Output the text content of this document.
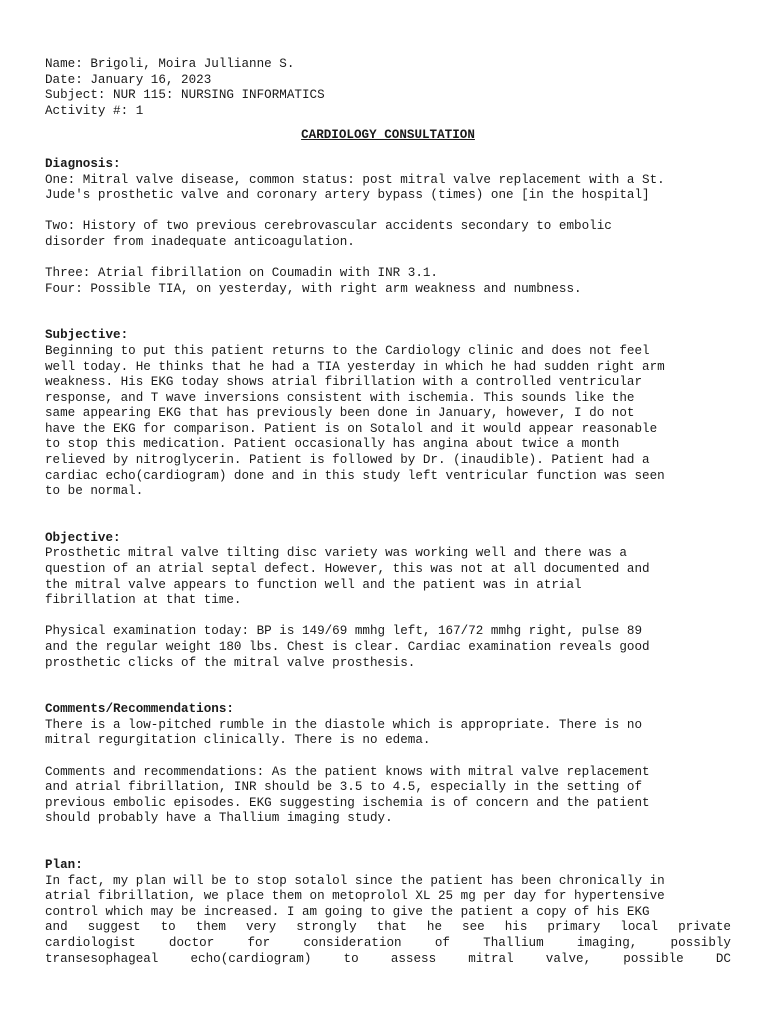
Name: Brigoli, Moira Jullianne S.
Date: January 16, 2023
Subject: NUR 115: NURSING INFORMATICS
Activity #: 1
CARDIOLOGY CONSULTATION
Diagnosis:
One: Mitral valve disease, common status: post mitral valve replacement with a St.
Jude's prosthetic valve and coronary artery bypass (times) one [in the hospital]
Two: History of two previous cerebrovascular accidents secondary to embolic
disorder from inadequate anticoagulation.
Three: Atrial fibrillation on Coumadin with INR 3.1.
Four: Possible TIA, on yesterday, with right arm weakness and numbness.
Subjective:
Beginning to put this patient returns to the Cardiology clinic and does not feel
well today. He thinks that he had a TIA yesterday in which he had sudden right arm
weakness. His EKG today shows atrial fibrillation with a controlled ventricular
response, and T wave inversions consistent with ischemia. This sounds like the
same appearing EKG that has previously been done in January, however, I do not
have the EKG for comparison. Patient is on Sotalol and it would appear reasonable
to stop this medication. Patient occasionally has angina about twice a month
relieved by nitroglycerin. Patient is followed by Dr. (inaudible). Patient had a
cardiac echo(cardiogram) done and in this study left ventricular function was seen
to be normal.
Objective:
Prosthetic mitral valve tilting disc variety was working well and there was a
question of an atrial septal defect. However, this was not at all documented and
the mitral valve appears to function well and the patient was in atrial
fibrillation at that time.
Physical examination today: BP is 149/69 mmhg left, 167/72 mmhg right, pulse 89
and the regular weight 180 lbs. Chest is clear. Cardiac examination reveals good
prosthetic clicks of the mitral valve prosthesis.
Comments/Recommendations:
There is a low-pitched rumble in the diastole which is appropriate. There is no
mitral regurgitation clinically. There is no edema.
Comments and recommendations: As the patient knows with mitral valve replacement
and atrial fibrillation, INR should be 3.5 to 4.5, especially in the setting of
previous embolic episodes. EKG suggesting ischemia is of concern and the patient
should probably have a Thallium imaging study.
Plan:
In fact, my plan will be to stop sotalol since the patient has been chronically in
atrial fibrillation, we place them on metoprolol XL 25 mg per day for hypertensive
control which may be increased. I am going to give the patient a copy of his EKG
and suggest to them very strongly that he see his primary local private
cardiologist doctor for consideration of Thallium imaging, possibly
transesophageal echo(cardiogram) to assess mitral valve, possible DC
